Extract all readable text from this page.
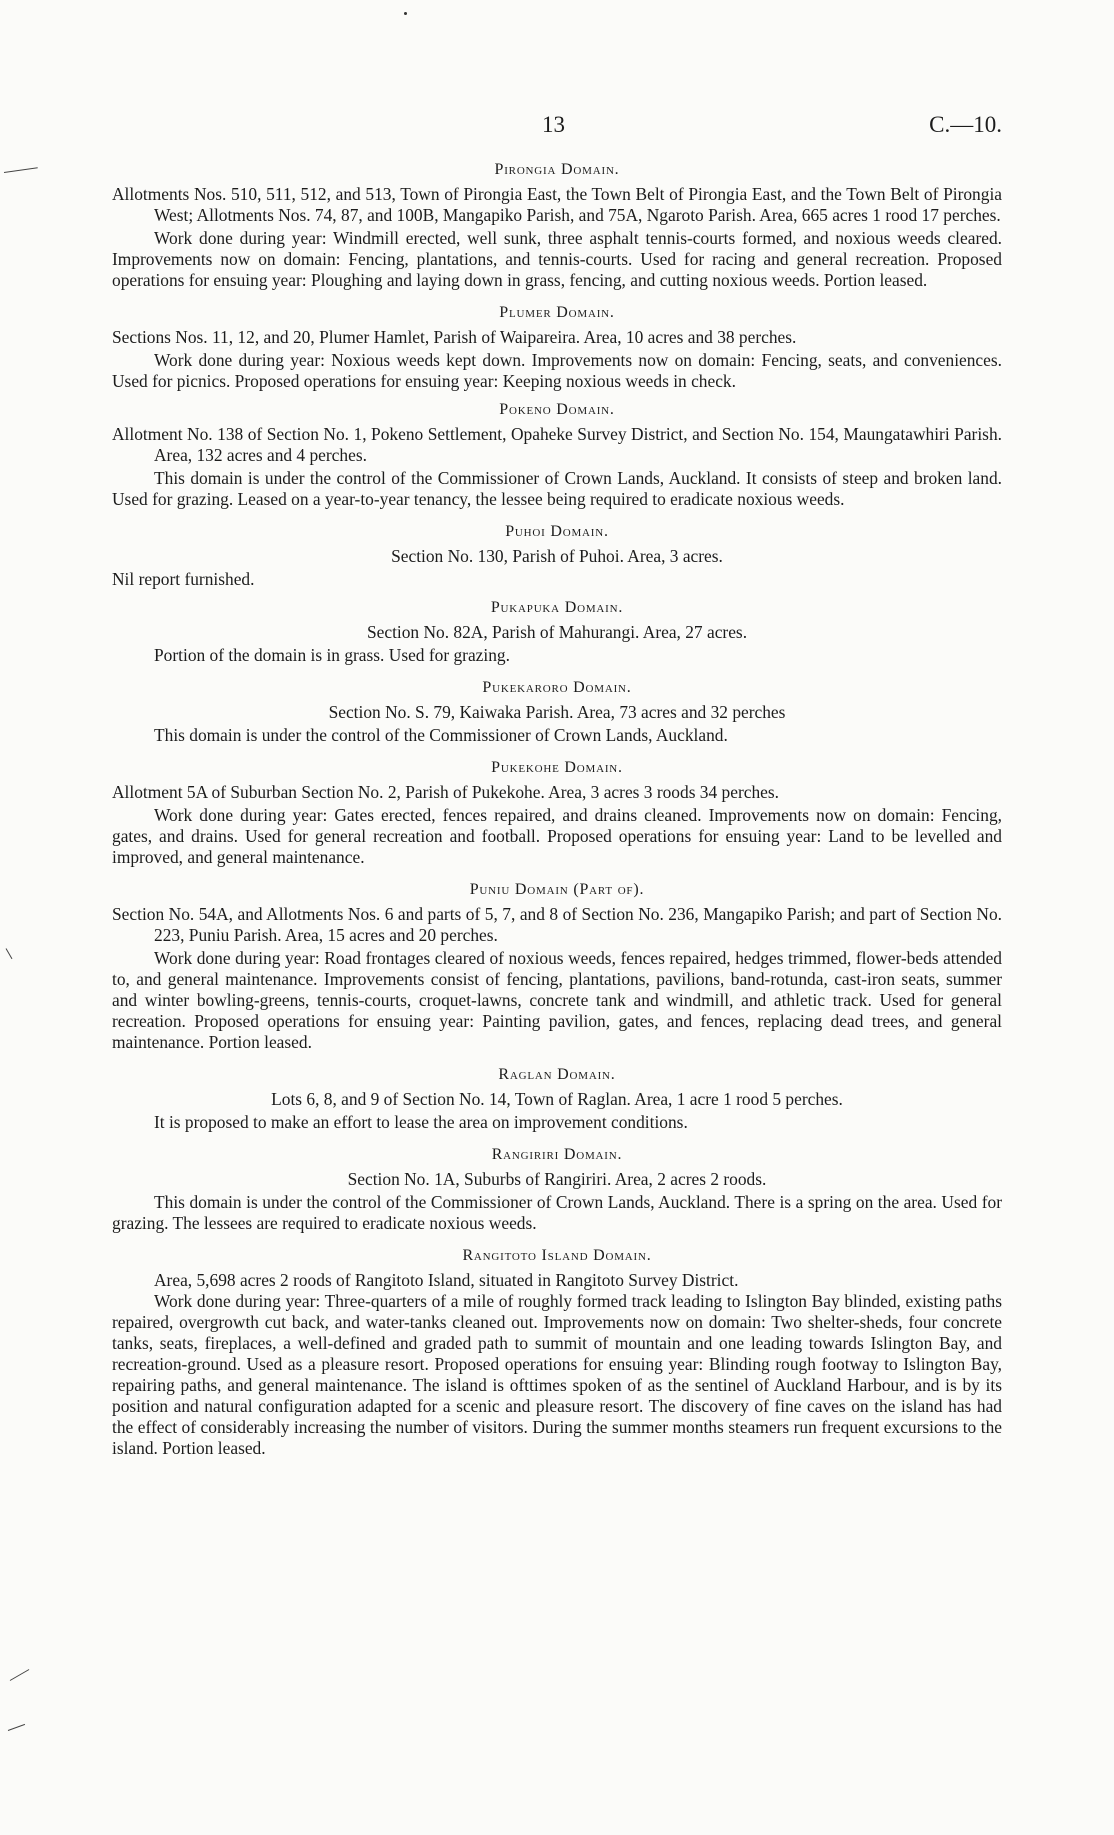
13	C.—10.
Pirongia Domain.

Allotments Nos. 510, 511, 512, and 513, Town of Pirongia East, the Town Belt of Pirongia East, and the Town Belt of Pirongia West; Allotments Nos. 74, 87, and 100B, Mangapiko Parish, and 75A, Ngaroto Parish. Area, 665 acres 1 rood 17 perches.

Work done during year: Windmill erected, well sunk, three asphalt tennis-courts formed, and noxious weeds cleared. Improvements now on domain: Fencing, plantations, and tennis-courts. Used for racing and general recreation. Proposed operations for ensuing year: Ploughing and laying down in grass, fencing, and cutting noxious weeds. Portion leased.

Plumer Domain.

Sections Nos. 11, 12, and 20, Plumer Hamlet, Parish of Waipareira. Area, 10 acres and 38 perches.

Work done during year: Noxious weeds kept down. Improvements now on domain: Fencing, seats, and conveniences. Used for picnics. Proposed operations for ensuing year: Keeping noxious weeds in check.

Pokeno Domain.

Allotment No. 138 of Section No. 1, Pokeno Settlement, Opaheke Survey District, and Section No. 154, Maungatawhiri Parish. Area, 132 acres and 4 perches.

This domain is under the control of the Commissioner of Crown Lands, Auckland. It consists of steep and broken land. Used for grazing. Leased on a year-to-year tenancy, the lessee being required to eradicate noxious weeds.

Puhoi Domain.

Section No. 130, Parish of Puhoi. Area, 3 acres.

Nil report furnished.

Pukapuka Domain.

Section No. 82A, Parish of Mahurangi. Area, 27 acres.

Portion of the domain is in grass. Used for grazing.

Pukekaroro Domain.

Section No. S. 79, Kaiwaka Parish. Area, 73 acres and 32 perches

This domain is under the control of the Commissioner of Crown Lands, Auckland.

Pukekohe Domain.

Allotment 5A of Suburban Section No. 2, Parish of Pukekohe. Area, 3 acres 3 roods 34 perches.

Work done during year: Gates erected, fences repaired, and drains cleaned. Improvements now on domain: Fencing, gates, and drains. Used for general recreation and football. Proposed operations for ensuing year: Land to be levelled and improved, and general maintenance.

Puniu Domain (Part of).

Section No. 54A, and Allotments Nos. 6 and parts of 5, 7, and 8 of Section No. 236, Mangapiko Parish; and part of Section No. 223, Puniu Parish. Area, 15 acres and 20 perches.

Work done during year: Road frontages cleared of noxious weeds, fences repaired, hedges trimmed, flower-beds attended to, and general maintenance. Improvements consist of fencing, plantations, pavilions, band-rotunda, cast-iron seats, summer and winter bowling-greens, tennis-courts, croquet-lawns, concrete tank and windmill, and athletic track. Used for general recreation. Proposed operations for ensuing year: Painting pavilion, gates, and fences, replacing dead trees, and general maintenance. Portion leased.

Raglan Domain.

Lots 6, 8, and 9 of Section No. 14, Town of Raglan. Area, 1 acre 1 rood 5 perches.

It is proposed to make an effort to lease the area on improvement conditions.

Rangiriri Domain.

Section No. 1A, Suburbs of Rangiriri. Area, 2 acres 2 roods.

This domain is under the control of the Commissioner of Crown Lands, Auckland. There is a spring on the area. Used for grazing. The lessees are required to eradicate noxious weeds.

Rangitoto Island Domain.

Area, 5,698 acres 2 roods of Rangitoto Island, situated in Rangitoto Survey District.

Work done during year: Three-quarters of a mile of roughly formed track leading to Islington Bay blinded, existing paths repaired, overgrowth cut back, and water-tanks cleaned out. Improvements now on domain: Two shelter-sheds, four concrete tanks, seats, fireplaces, a well-defined and graded path to summit of mountain and one leading towards Islington Bay, and recreation-ground. Used as a pleasure resort. Proposed operations for ensuing year: Blinding rough footway to Islington Bay, repairing paths, and general maintenance. The island is ofttimes spoken of as the sentinel of Auckland Harbour, and is by its position and natural configuration adapted for a scenic and pleasure resort. The discovery of fine caves on the island has had the effect of considerably increasing the number of visitors. During the summer months steamers run frequent excursions to the island. Portion leased.
